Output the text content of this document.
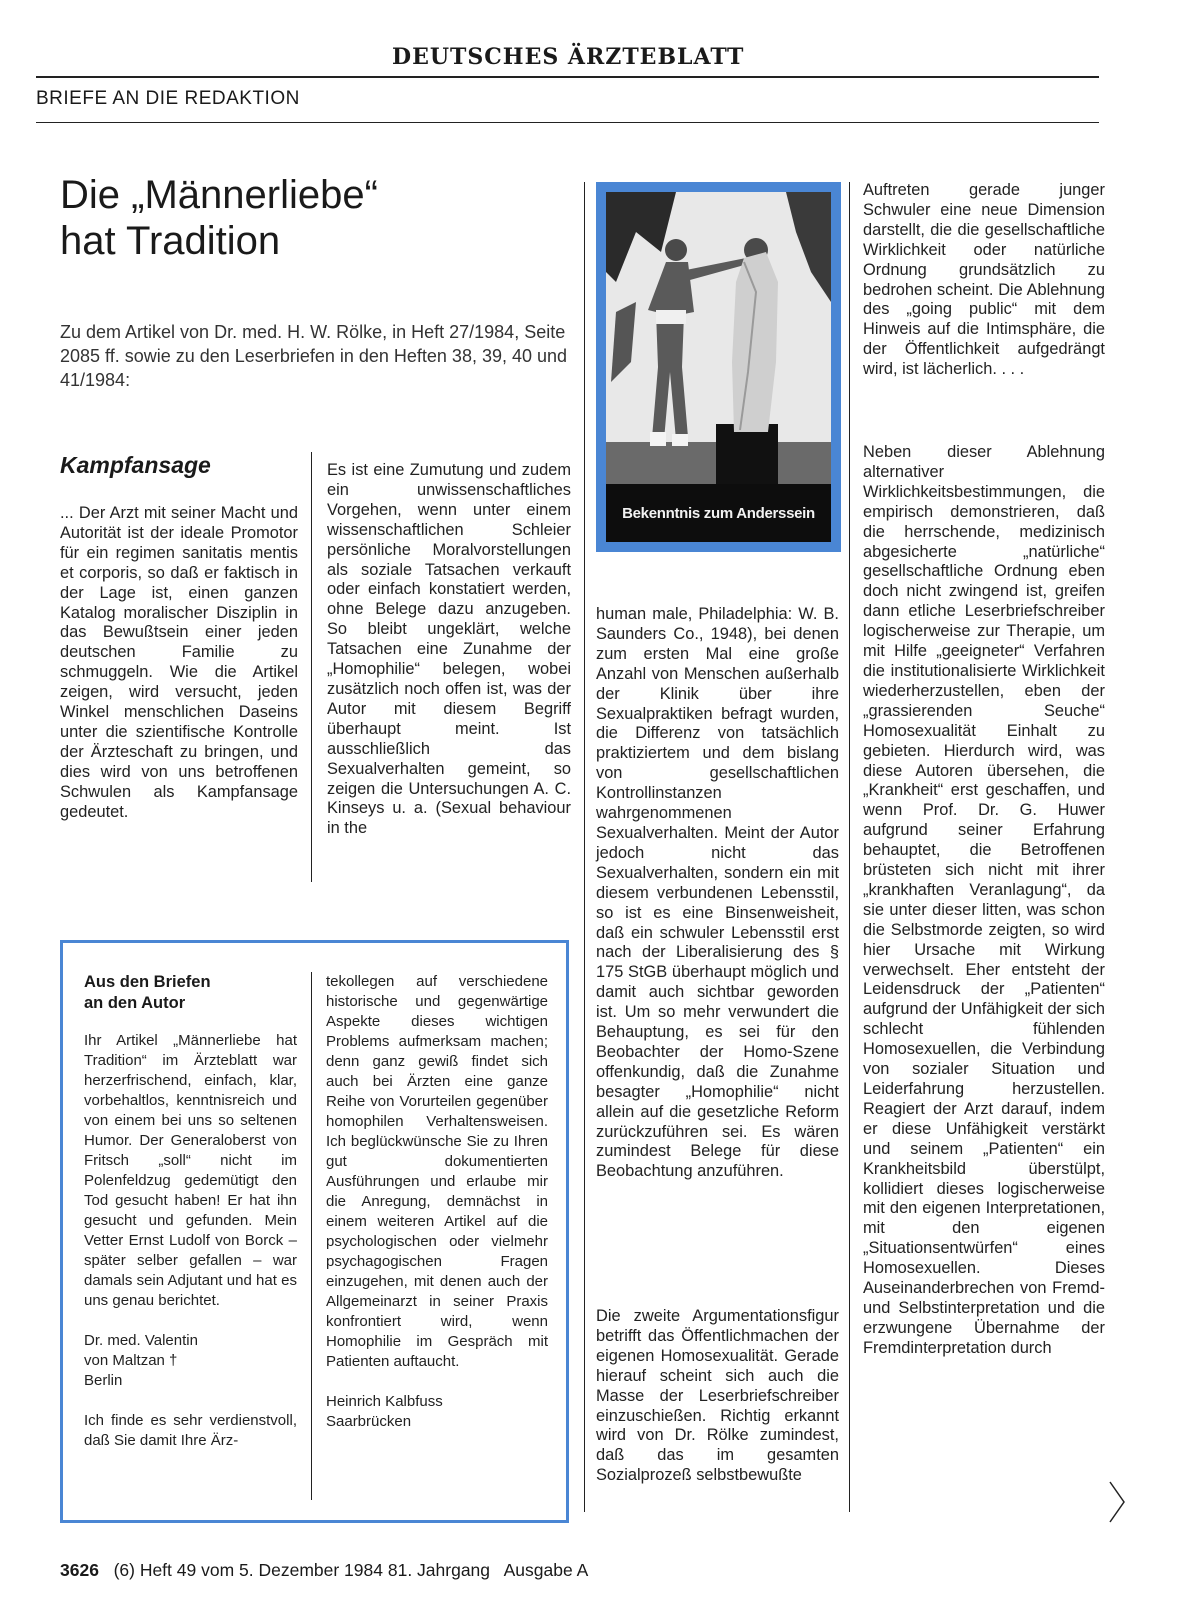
DEUTSCHES ÄRZTEBLATT
BRIEFE AN DIE REDAKTION
Die „Männerliebe“
hat Tradition
Zu dem Artikel von Dr. med. H. W. Rölke, in Heft 27/1984, Seite 2085 ff. sowie zu den Leserbriefen in den Heften 38, 39, 40 und 41/1984:
Kampfansage
... Der Arzt mit seiner Macht und Autorität ist der ideale Promotor für ein regimen sanitatis mentis et corporis, so daß er faktisch in der Lage ist, einen ganzen Katalog moralischer Disziplin in das Bewußtsein einer jeden deutschen Familie zu schmuggeln. Wie die Artikel zeigen, wird versucht, jeden Winkel menschlichen Daseins unter die szientifische Kontrolle der Ärzteschaft zu bringen, und dies wird von uns betroffenen Schwulen als Kampfansage gedeutet.
Es ist eine Zumutung und zudem ein unwissenschaftliches Vorgehen, wenn unter einem wissenschaftlichen Schleier persönliche Moralvorstellungen als soziale Tatsachen verkauft oder einfach konstatiert werden, ohne Belege dazu anzugeben. So bleibt ungeklärt, welche Tatsachen eine Zunahme der „Homophilie“ belegen, wobei zusätzlich noch offen ist, was der Autor mit diesem Begriff überhaupt meint. Ist ausschließlich das Sexualverhalten gemeint, so zeigen die Untersuchungen A. C. Kinseys u. a. (Sexual behaviour in the
human male, Philadelphia: W. B. Saunders Co., 1948), bei denen zum ersten Mal eine große Anzahl von Menschen außerhalb der Klinik über ihre Sexualpraktiken befragt wurden, die Differenz von tatsächlich praktiziertem und dem bislang von gesellschaftlichen Kontrollinstanzen wahrgenommenen Sexualverhalten. Meint der Autor jedoch nicht das Sexualverhalten, sondern ein mit diesem verbundenen Lebensstil, so ist es eine Binsenweisheit, daß ein schwuler Lebensstil erst nach der Liberalisierung des § 175 StGB überhaupt möglich und damit auch sichtbar geworden ist. Um so mehr verwundert die Behauptung, es sei für den Beobachter der Homo-Szene offenkundig, daß die Zunahme besagter „Homophilie“ nicht allein auf die gesetzliche Reform zurückzuführen sei. Es wären zumindest Belege für diese Beobachtung anzuführen.
Die zweite Argumentationsfigur betrifft das Öffentlichmachen der eigenen Homosexualität. Gerade hierauf scheint sich auch die Masse der Leserbriefschreiber einzuschießen. Richtig erkannt wird von Dr. Rölke zumindest, daß das im gesamten Sozialprozeß selbstbewußte
Auftreten gerade junger Schwuler eine neue Dimension darstellt, die die gesellschaftliche Wirklichkeit oder natürliche Ordnung grundsätzlich zu bedrohen scheint. Die Ablehnung des „going public“ mit dem Hinweis auf die Intimsphäre, die der Öffentlichkeit aufgedrängt wird, ist lächerlich. . . .
Neben dieser Ablehnung alternativer Wirklichkeitsbestimmungen, die empirisch demonstrieren, daß die herrschende, medizinisch abgesicherte „natürliche“ gesellschaftliche Ordnung eben doch nicht zwingend ist, greifen dann etliche Leserbriefschreiber logischerweise zur Therapie, um mit Hilfe „geeigneter“ Verfahren die institutionalisierte Wirklichkeit wiederherzustellen, eben der „grassierenden Seuche“ Homosexualität Einhalt zu gebieten. Hierdurch wird, was diese Autoren übersehen, die „Krankheit“ erst geschaffen, und wenn Prof. Dr. G. Huwer aufgrund seiner Erfahrung behauptet, die Betroffenen brüsteten sich nicht mit ihrer „krankhaften Veranlagung“, da sie unter dieser litten, was schon die Selbstmorde zeigten, so wird hier Ursache mit Wirkung verwechselt. Eher entsteht der Leidensdruck der „Patienten“ aufgrund der Unfähigkeit der sich schlecht fühlenden Homosexuellen, die Verbindung von sozialer Situation und Leiderfahrung herzustellen. Reagiert der Arzt darauf, indem er diese Unfähigkeit verstärkt und seinem „Patienten“ ein Krankheitsbild überstülpt, kollidiert dieses logischerweise mit den eigenen Interpretationen, mit den eigenen „Situationsentwürfen“ eines Homosexuellen. Dieses Auseinanderbrechen von Fremd- und Selbstinterpretation und die erzwungene Übernahme der Fremdinterpretation durch
Bekenntnis zum Anderssein
Aus den Briefen
an den Autor

Ihr Artikel „Männerliebe hat Tradition“ im Ärzteblatt war herzerfrischend, einfach, klar, vorbehaltlos, kenntnisreich und von einem bei uns so seltenen Humor. Der Generaloberst von Fritsch „soll“ nicht im Polenfeldzug gedemütigt den Tod gesucht haben! Er hat ihn gesucht und gefunden. Mein Vetter Ernst Ludolf von Borck – später selber gefallen – war damals sein Adjutant und hat es uns genau berichtet.

Dr. med. Valentin

von Maltzan †

Berlin

Ich finde es sehr verdienstvoll, daß Sie damit Ihre Ärz-

tekollegen auf verschiedene historische und gegenwärtige Aspekte dieses wichtigen Problems aufmerksam machen; denn ganz gewiß findet sich auch bei Ärzten eine ganze Reihe von Vorurteilen gegenüber homophilen Verhaltensweisen. Ich beglückwünsche Sie zu Ihren gut dokumentierten Ausführungen und erlaube mir die Anregung, demnächst in einem weiteren Artikel auf die psychologischen oder vielmehr psychagogischen Fragen einzugehen, mit denen auch der Allgemeinarzt in seiner Praxis konfrontiert wird, wenn Homophilie im Gespräch mit Patienten auftaucht.

Heinrich Kalbfuss

Saarbrücken

3626 (6) Heft 49 vom 5. Dezember 1984 81. Jahrgang   Ausgabe A
